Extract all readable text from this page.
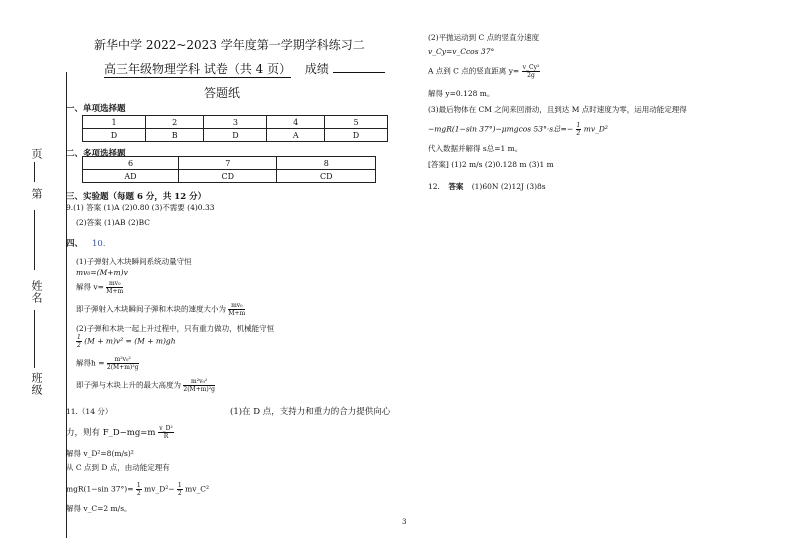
新华中学 2022~2023 学年度第一学期学科练习二
高三年级物理学科 试卷（共 4 页） 成绩
答题纸
页
第
姓名
班级
一、单项选择题
1	2	3	4	5
D	B	D	A	D
二、多项选择题
6	7	8
AD	CD	CD
三、实验题（每题 6 分，共 12 分）
9.(1) 答案 (1)A (2)0.80 (3)不需要 (4)0.33
(2)答案 (1)AB (2)BC
四、 10.
(1)子弹射入木块瞬间系统动量守恒
mv₀=(M+m)v
解得 $v= \frac{\text{mv₀}}{M+m}$
即子弹射入木块瞬间子弹和木块的速度大小为 $\frac{\text{mv₀}}{M+m}$
(2)子弹和木块一起上升过程中，只有重力做功，机械能守恒
$\frac{1}{2} (M + m)v^2 = (M + m)gh$
解得$h = \frac{\text{m²v₀²}}{\text{2(M+m)²g}}$
即子弹与木块上升的最大高度为 $\frac{\text{m²v₀²}}{\text{2(M+m)²g}}$
11.（14 分）	(1)在 D 点，支持力和重力的合力提供向心
力，则有 F_D−mg=m $\frac{\text{v\_D²}}{R}$
解得 v_D²=8(m/s)²
从 C 点到 D 点，由动能定理有
mgR(1−sin $37^\circ)= \frac{1}{2}$ mv_D²− $\frac{1}{2}$ mv_C²
解得 v_C=2 m/s。
(2)平抛运动到 C 点的竖直分速度
v_Cy=v_Ccos 37°
A 点到 C 点的竖直距离 $y= \frac{\text{v\_Cy²}}{2g}$
解得 y=0.128 m。
(3)最后物体在 CM 之间来回滑动，且到达 M 点时速度为零，运用动能定理得
−mgR(1−sin 37°)−μmgcos 53°·s总=− $\frac{1}{2}$ mv_D²
代入数据并解得 s总=1 m。
[答案] (1)2 m/s (2)0.128 m (3)1 m
12. 答案 (1)60N (2)12J (3)8s
3
